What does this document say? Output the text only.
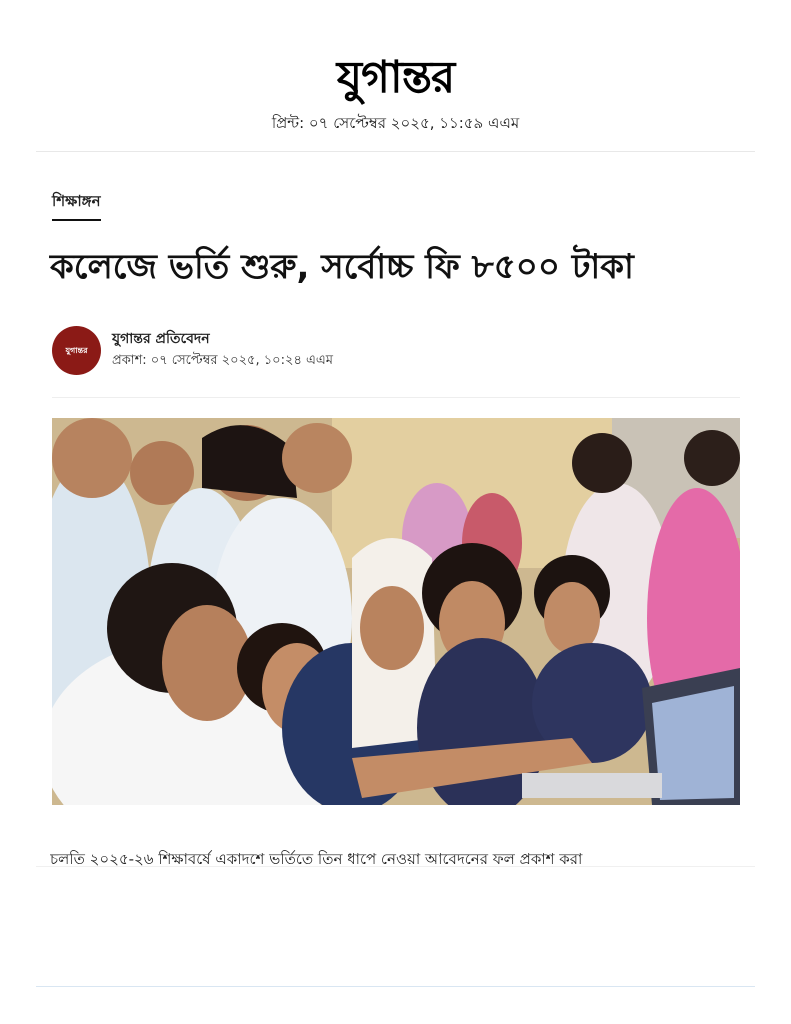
যুগান্তর
প্রিন্ট: ০৭ সেপ্টেম্বর ২০২৫, ১১:৫৯ এএম
শিক্ষাঙ্গন
কলেজে ভর্তি শুরু, সর্বোচ্চ ফি ৮৫০০ টাকা
যুগান্তর
যুগান্তর প্রতিবেদন
প্রকাশ: ০৭ সেপ্টেম্বর ২০২৫, ১০:২৪ এএম

চলতি ২০২৫-২৬ শিক্ষাবর্ষে একাদশে ভর্তিতে তিন ধাপে নেওয়া আবেদনের ফল প্রকাশ করা
